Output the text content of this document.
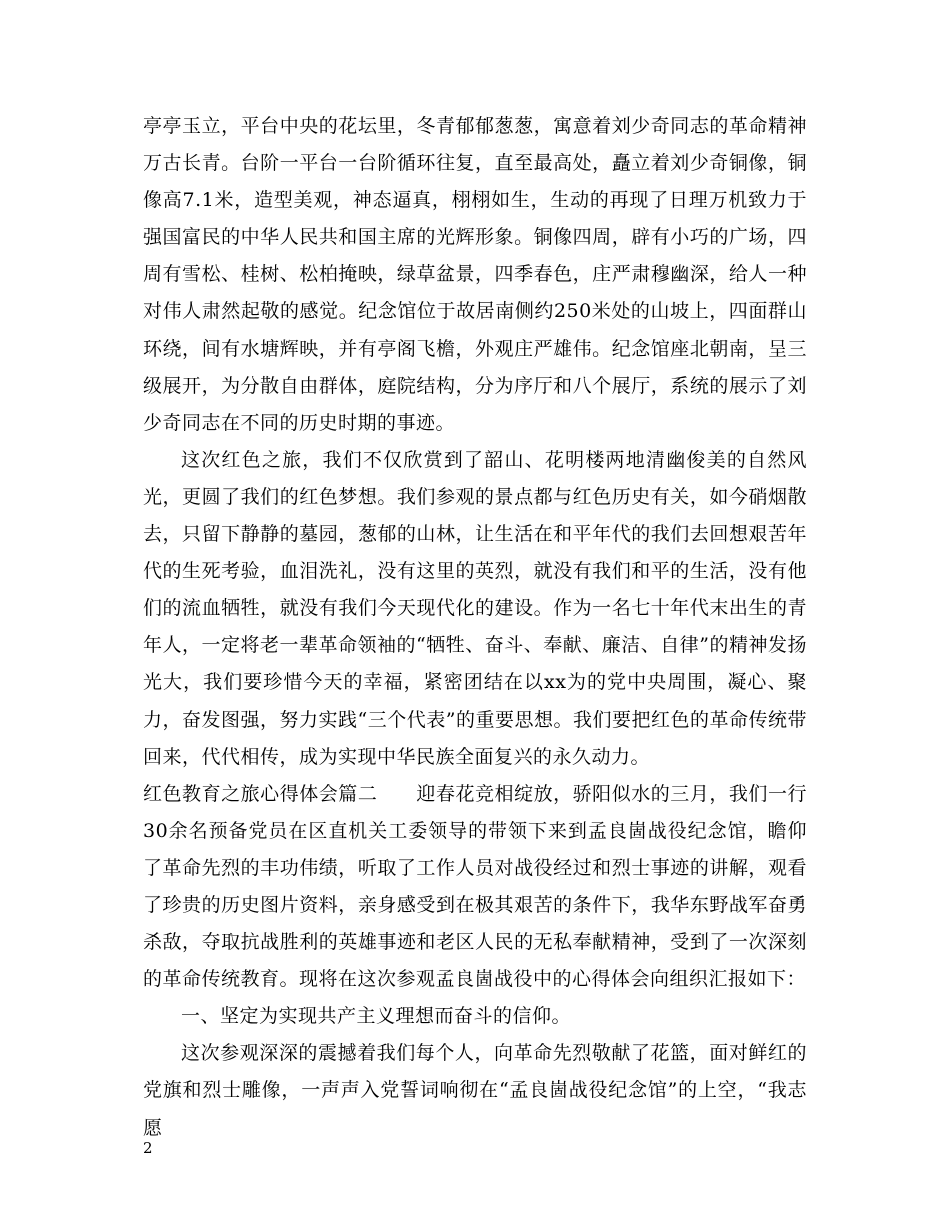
亭亭玉立，平台中央的花坛里，冬青郁郁葱葱，寓意着刘少奇同志的革命精神万古长青。台阶一平台一台阶循环往复，直至最高处，矗立着刘少奇铜像，铜像高7.1米，造型美观，神态逼真，栩栩如生，生动的再现了日理万机致力于强国富民的中华人民共和国主席的光辉形象。铜像四周，辟有小巧的广场，四周有雪松、桂树、松柏掩映，绿草盆景，四季春色，庄严肃穆幽深，给人一种对伟人肃然起敬的感觉。纪念馆位于故居南侧约250米处的山坡上，四面群山环绕，间有水塘辉映，并有亭阁飞檐，外观庄严雄伟。纪念馆座北朝南，呈三级展开，为分散自由群体，庭院结构，分为序厅和八个展厅，系统的展示了刘少奇同志在不同的历史时期的事迹。

这次红色之旅，我们不仅欣赏到了韶山、花明楼两地清幽俊美的自然风光，更圆了我们的红色梦想。我们参观的景点都与红色历史有关，如今硝烟散去，只留下静静的墓园，葱郁的山林，让生活在和平年代的我们去回想艰苦年代的生死考验，血泪洗礼，没有这里的英烈，就没有我们和平的生活，没有他们的流血牺牲，就没有我们今天现代化的建设。作为一名七十年代末出生的青年人，一定将老一辈革命领袖的“牺牲、奋斗、奉献、廉洁、自律”的精神发扬光大，我们要珍惜今天的幸福，紧密团结在以xx为的党中央周围，凝心、聚力，奋发图强，努力实践“三个代表”的重要思想。我们要把红色的革命传统带回来，代代相传，成为实现中华民族全面复兴的永久动力。

红色教育之旅心得体会篇二　　迎春花竞相绽放，骄阳似水的三月，我们一行30余名预备党员在区直机关工委领导的带领下来到孟良崮战役纪念馆，瞻仰了革命先烈的丰功伟绩，听取了工作人员对战役经过和烈士事迹的讲解，观看了珍贵的历史图片资料，亲身感受到在极其艰苦的条件下，我华东野战军奋勇杀敌，夺取抗战胜利的英雄事迹和老区人民的无私奉献精神，受到了一次深刻的革命传统教育。现将在这次参观孟良崮战役中的心得体会向组织汇报如下：

一、坚定为实现共产主义理想而奋斗的信仰。

这次参观深深的震撼着我们每个人，向革命先烈敬献了花篮，面对鲜红的党旗和烈士雕像，一声声入党誓词响彻在“孟良崮战役纪念馆”的上空，“我志愿

2
